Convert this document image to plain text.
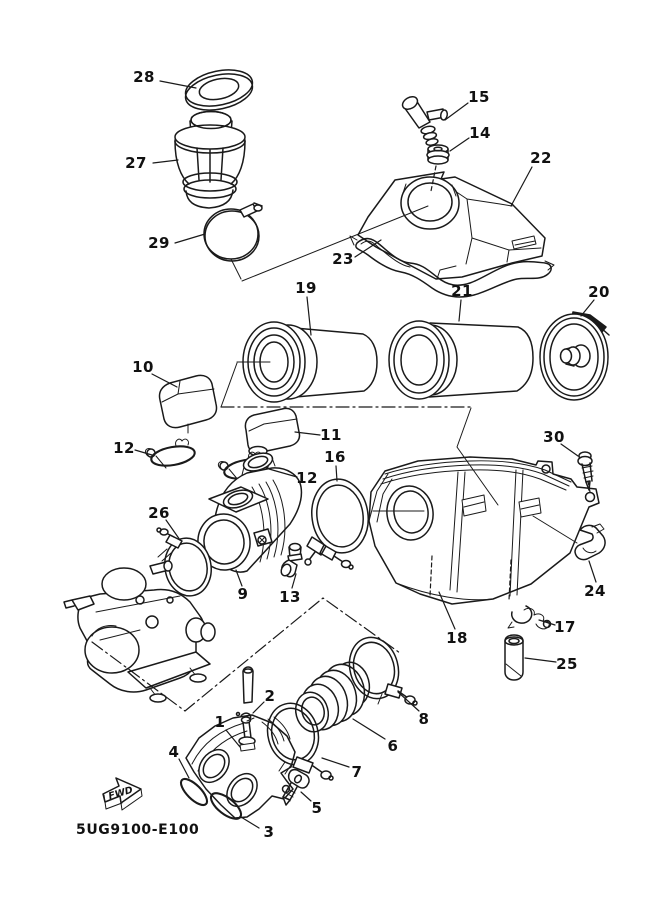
FWD
28
27
29
15
14
22
23
19	21	20
10
11
12
12
16
30
26
9 13
18
24
17
25
1
2
5
7
6
8
3
4
5UG9100-E100
